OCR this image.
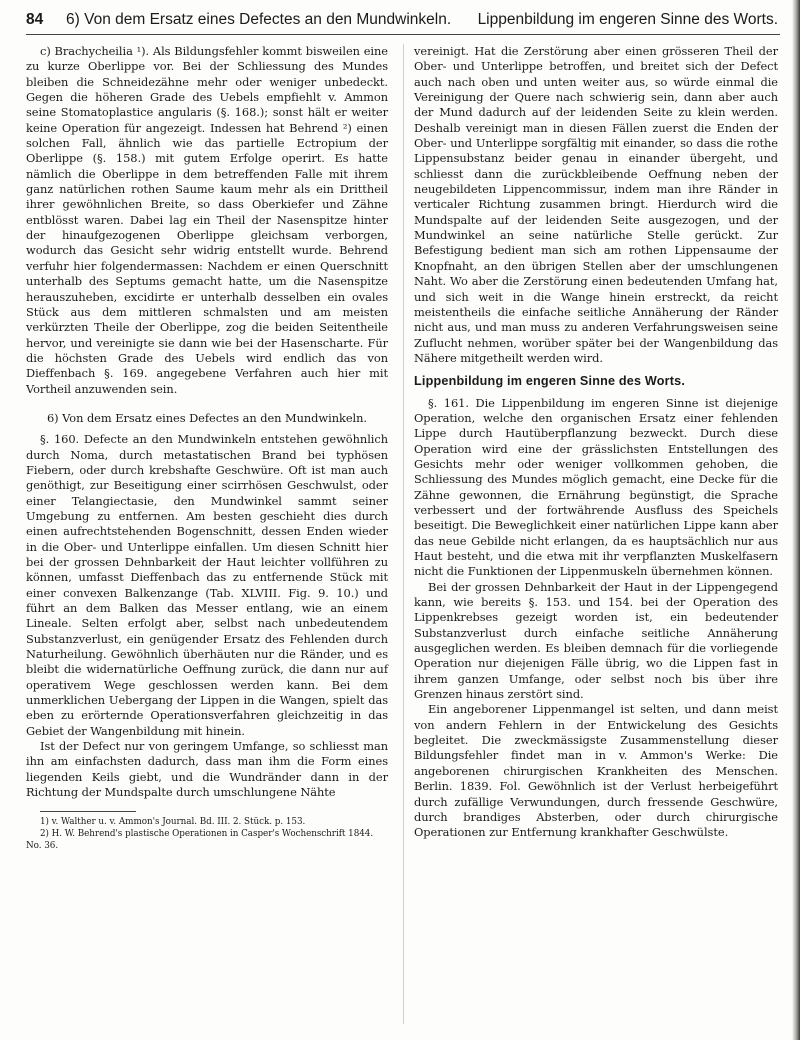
84 6) Von dem Ersatz eines Defectes an den Mundwinkeln. Lippenbildung im engeren Sinne des Worts.

c) Brachycheilia ¹). Als Bildungsfehler kommt bisweilen eine zu kurze Oberlippe vor. Bei der Schliessung des Mundes bleiben die Schneidezähne mehr oder weniger unbedeckt. Gegen die höheren Grade des Uebels empfiehlt v. Ammon seine Stomatoplastice angularis (§. 168.); sonst hält er weiter keine Operation für angezeigt. Indessen hat Behrend ²) einen solchen Fall, ähnlich wie das partielle Ectropium der Oberlippe (§. 158.) mit gutem Erfolge operirt. Es hatte nämlich die Oberlippe in dem betreffenden Falle mit ihrem ganz natürlichen rothen Saume kaum mehr als ein Drittheil ihrer gewöhnlichen Breite, so dass Oberkiefer und Zähne entblösst waren. Dabei lag ein Theil der Nasenspitze hinter der hinaufgezogenen Oberlippe gleichsam verborgen, wodurch das Gesicht sehr widrig entstellt wurde. Behrend verfuhr hier folgendermassen: Nachdem er einen Querschnitt unterhalb des Septums gemacht hatte, um die Nasenspitze herauszuheben, excidirte er unterhalb desselben ein ovales Stück aus dem mittleren schmalsten und am meisten verkürzten Theile der Oberlippe, zog die beiden Seitentheile hervor, und vereinigte sie dann wie bei der Hasenscharte. Für die höchsten Grade des Uebels wird endlich das von Dieffenbach §. 169. angegebene Verfahren auch hier mit Vortheil anzuwenden sein.

6) Von dem Ersatz eines Defectes an den Mundwinkeln.

§. 160. Defecte an den Mundwinkeln entstehen gewöhnlich durch Noma, durch metastatischen Brand bei typhösen Fiebern, oder durch krebshafte Geschwüre. Oft ist man auch genöthigt, zur Beseitigung einer scirrhösen Geschwulst, oder einer Telangiectasie, den Mundwinkel sammt seiner Umgebung zu entfernen. Am besten geschieht dies durch einen aufrechtstehenden Bogenschnitt, dessen Enden wieder in die Ober- und Unterlippe einfallen. Um diesen Schnitt hier bei der grossen Dehnbarkeit der Haut leichter vollführen zu können, umfasst Dieffenbach das zu entfernende Stück mit einer convexen Balkenzange (Tab. XLVIII. Fig. 9. 10.) und führt an dem Balken das Messer entlang, wie an einem Lineale. Selten erfolgt aber, selbst nach unbedeutendem Substanzverlust, ein genügender Ersatz des Fehlenden durch Naturheilung. Gewöhnlich überhäuten nur die Ränder, und es bleibt die widernatürliche Oeffnung zurück, die dann nur auf operativem Wege geschlossen werden kann. Bei dem unmerklichen Uebergang der Lippen in die Wangen, spielt das eben zu erörternde Operationsverfahren gleichzeitig in das Gebiet der Wangenbildung mit hinein.

Ist der Defect nur von geringem Umfange, so schliesst man ihn am einfachsten dadurch, dass man ihm die Form eines liegenden Keils giebt, und die Wundränder dann in der Richtung der Mundspalte durch umschlungene Nähte

1) v. Walther u. v. Ammon's Journal. Bd. III. 2. Stück. p. 153.

2) H. W. Behrend's plastische Operationen in Casper's Wochenschrift 1844. No. 36.

vereinigt. Hat die Zerstörung aber einen grösseren Theil der Ober- und Unterlippe betroffen, und breitet sich der Defect auch nach oben und unten weiter aus, so würde einmal die Vereinigung der Quere nach schwierig sein, dann aber auch der Mund dadurch auf der leidenden Seite zu klein werden. Deshalb vereinigt man in diesen Fällen zuerst die Enden der Ober- und Unterlippe sorgfältig mit einander, so dass die rothe Lippensubstanz beider genau in einander übergeht, und schliesst dann die zurückbleibende Oeffnung neben der neugebildeten Lippencommissur, indem man ihre Ränder in verticaler Richtung zusammen bringt. Hierdurch wird die Mundspalte auf der leidenden Seite ausgezogen, und der Mundwinkel an seine natürliche Stelle gerückt. Zur Befestigung bedient man sich am rothen Lippensaume der Knopfnaht, an den übrigen Stellen aber der umschlungenen Naht. Wo aber die Zerstörung einen bedeutenden Umfang hat, und sich weit in die Wange hinein erstreckt, da reicht meistentheils die einfache seitliche Annäherung der Ränder nicht aus, und man muss zu anderen Verfahrungsweisen seine Zuflucht nehmen, worüber später bei der Wangenbildung das Nähere mitgetheilt werden wird.

Lippenbildung im engeren Sinne des Worts.

§. 161. Die Lippenbildung im engeren Sinne ist diejenige Operation, welche den organischen Ersatz einer fehlenden Lippe durch Hautüberpflanzung bezweckt. Durch diese Operation wird eine der grässlichsten Entstellungen des Gesichts mehr oder weniger vollkommen gehoben, die Schliessung des Mundes möglich gemacht, eine Decke für die Zähne gewonnen, die Ernährung begünstigt, die Sprache verbessert und der fortwährende Ausfluss des Speichels beseitigt. Die Beweglichkeit einer natürlichen Lippe kann aber das neue Gebilde nicht erlangen, da es hauptsächlich nur aus Haut besteht, und die etwa mit ihr verpflanzten Muskelfasern nicht die Funktionen der Lippenmuskeln übernehmen können.

Bei der grossen Dehnbarkeit der Haut in der Lippengegend kann, wie bereits §. 153. und 154. bei der Operation des Lippenkrebses gezeigt worden ist, ein bedeutender Substanzverlust durch einfache seitliche Annäherung ausgeglichen werden. Es bleiben demnach für die vorliegende Operation nur diejenigen Fälle übrig, wo die Lippen fast in ihrem ganzen Umfange, oder selbst noch bis über ihre Grenzen hinaus zerstört sind.

Ein angeborener Lippenmangel ist selten, und dann meist von andern Fehlern in der Entwickelung des Gesichts begleitet. Die zweckmässigste Zusammenstellung dieser Bildungsfehler findet man in v. Ammon's Werke: Die angeborenen chirurgischen Krankheiten des Menschen. Berlin. 1839. Fol. Gewöhnlich ist der Verlust herbeigeführt durch zufällige Verwundungen, durch fressende Geschwüre, durch brandiges Absterben, oder durch chirurgische Operationen zur Entfernung krankhafter Geschwülste.
